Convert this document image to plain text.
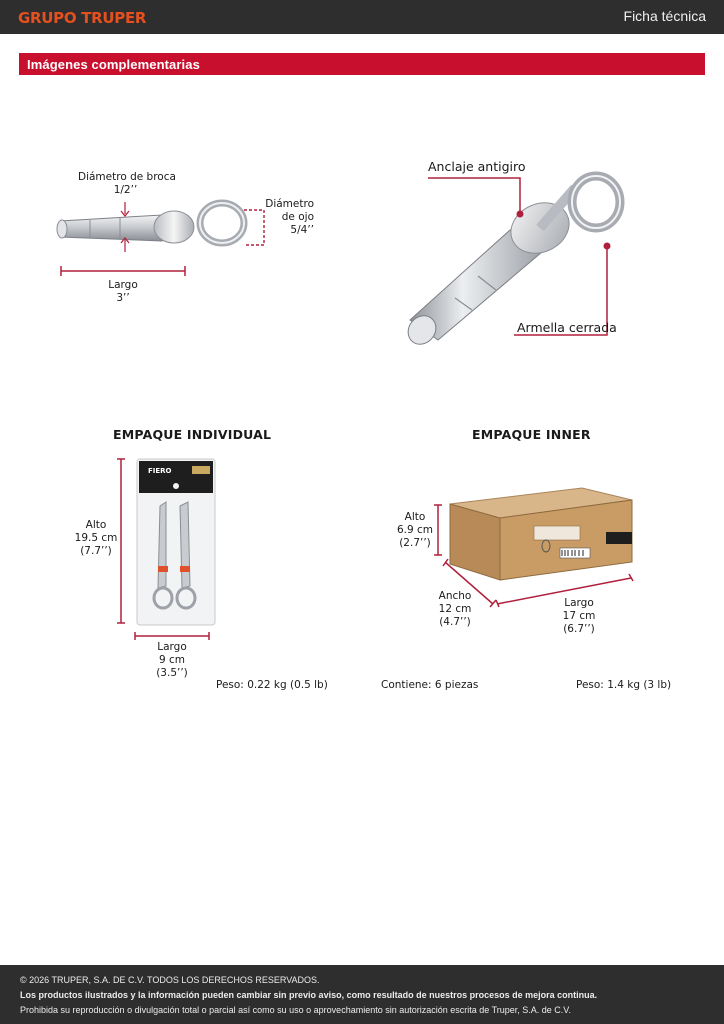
GRUPO TRUPER	Ficha técnica
Imágenes complementarias
Diámetro de broca
1/2’’
Diámetro
de ojo
5/4’’
Largo
3’’
Anclaje antigiro
Armella cerrada
EMPAQUE INDIVIDUAL
FIERO
Alto
19.5 cm
(7.7’’)
Largo
9 cm
(3.5’’)
Peso: 0.22 kg (0.5 lb)
EMPAQUE INNER
Alto
6.9 cm
(2.7’’)
Ancho
12 cm
(4.7’’)
Largo
17 cm
(6.7’’)
Contiene: 6 piezas	Peso: 1.4 kg (3 lb)
© 2026 TRUPER, S.A. DE C.V. TODOS LOS DERECHOS RESERVADOS.
Los productos ilustrados y la información pueden cambiar sin previo aviso, como resultado de nuestros procesos de mejora continua.
Prohibida su reproducción o divulgación total o parcial así como su uso o aprovechamiento sin autorización escrita de Truper, S.A. de C.V.
